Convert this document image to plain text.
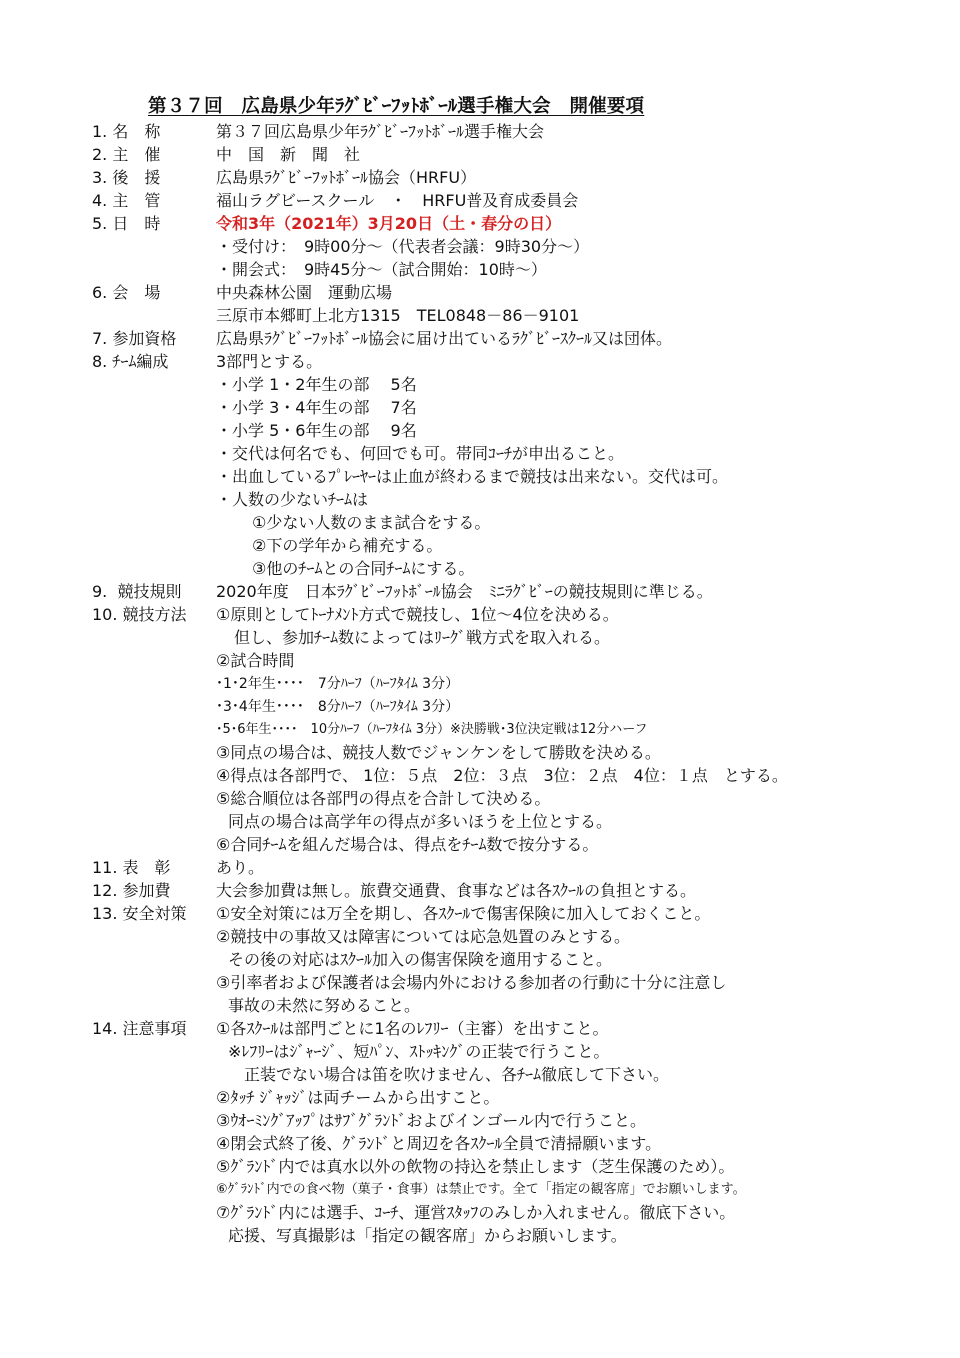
第３７回　広島県少年ﾗｸﾞﾋﾞｰﾌｯﾄﾎﾞｰﾙ選手権大会　開催要項
1. 名　称	第３７回広島県少年ﾗｸﾞﾋﾞｰﾌｯﾄﾎﾞｰﾙ選手権大会
2. 主　催	中　国　新　聞　社
3. 後　援	広島県ﾗｸﾞﾋﾞｰﾌｯﾄﾎﾞｰﾙ協会（HRFU）
4. 主　管	福山ラグビースクール　・　HRFU普及育成委員会
5. 日　時	令和3年（2021年）3月20日（土・春分の日）
・受付け：　9時00分～（代表者会議：9時30分～）
・開会式：　9時45分～（試合開始：10時～）
6. 会　場	中央森林公園　運動広場
三原市本郷町上北方1315　TEL0848－86－9101
7. 参加資格 広島県ﾗｸﾞﾋﾞｰﾌｯﾄﾎﾞｰﾙ協会に届け出ているﾗｸﾞﾋﾞｰｽｸｰﾙ又は団体。
8. ﾁｰﾑ編成	3部門とする。
・小学 1・2年生の部　 5名
・小学 3・4年生の部　 7名
・小学 5・6年生の部　 9名
・交代は何名でも、何回でも可。帯同ｺｰﾁが申出ること。
・出血しているﾌﾟﾚｰﾔｰは止血が終わるまで競技は出来ない。交代は可。
・人数の少ないﾁｰﾑは
①少ない人数のまま試合をする。
②下の学年から補充する。
③他のﾁｰﾑとの合同ﾁｰﾑにする。
9.  競技規則 2020年度　日本ﾗｸﾞﾋﾞｰﾌｯﾄﾎﾞｰﾙ協会　ﾐﾆﾗｸﾞﾋﾞｰの競技規則に準じる。
10. 競技方法 ①原則としてﾄｰﾅﾒﾝﾄ方式で競技し、1位～4位を決める。
但し、参加ﾁｰﾑ数によってはﾘｰｸﾞ戦方式を取入れる。
②試合時間
･1･2年生････　7分ﾊｰﾌ（ﾊｰﾌﾀｲﾑ 3分）
･3･4年生････　8分ﾊｰﾌ（ﾊｰﾌﾀｲﾑ 3分）
･5･6年生････　10分ﾊｰﾌ（ﾊｰﾌﾀｲﾑ 3分）※決勝戦･3位決定戦は12分ハーフ
③同点の場合は、競技人数でジャンケンをして勝敗を決める。
④得点は各部門で、 1位：５点　2位：３点　3位：２点　4位：１点　とする。
⑤総合順位は各部門の得点を合計して決める。
同点の場合は高学年の得点が多いほうを上位とする。
⑥合同ﾁｰﾑを組んだ場合は、得点をﾁｰﾑ数で按分する。
11. 表　彰	あり。
12. 参加費	大会参加費は無し。旅費交通費、食事などは各ｽｸｰﾙの負担とする。
13. 安全対策 ①安全対策には万全を期し、各ｽｸｰﾙで傷害保険に加入しておくこと。
②競技中の事故又は障害については応急処置のみとする。
その後の対応はｽｸｰﾙ加入の傷害保険を適用すること。
③引率者および保護者は会場内外における参加者の行動に十分に注意し
事故の未然に努めること。
14. 注意事項 ①各ｽｸｰﾙは部門ごとに1名のﾚﾌﾘｰ（主審）を出すこと。
※ﾚﾌﾘｰはｼﾞｬｰｼﾞ、短ﾊﾟﾝ、ｽﾄｯｷﾝｸﾞの正装で行うこと。
正装でない場合は笛を吹けません、各ﾁｰﾑ徹底して下さい。
②ﾀｯﾁ ｼﾞｬｯｼﾞは両チームから出すこと。
③ｳｵｰﾐﾝｸﾞｱｯﾌﾟはｻﾌﾞｸﾞﾗﾝﾄﾞおよびインゴール内で行うこと。
④閉会式終了後、ｸﾞﾗﾝﾄﾞと周辺を各ｽｸｰﾙ全員で清掃願います。
⑤ｸﾞﾗﾝﾄﾞ内では真水以外の飲物の持込を禁止します（芝生保護のため）。
⑥ｸﾞﾗﾝﾄﾞ内での食べ物（菓子・食事）は禁止です。全て「指定の観客席」でお願いします。
⑦ｸﾞﾗﾝﾄﾞ内には選手、ｺｰﾁ、運営ｽﾀｯﾌのみしか入れません。徹底下さい。
応援、写真撮影は「指定の観客席」からお願いします。
